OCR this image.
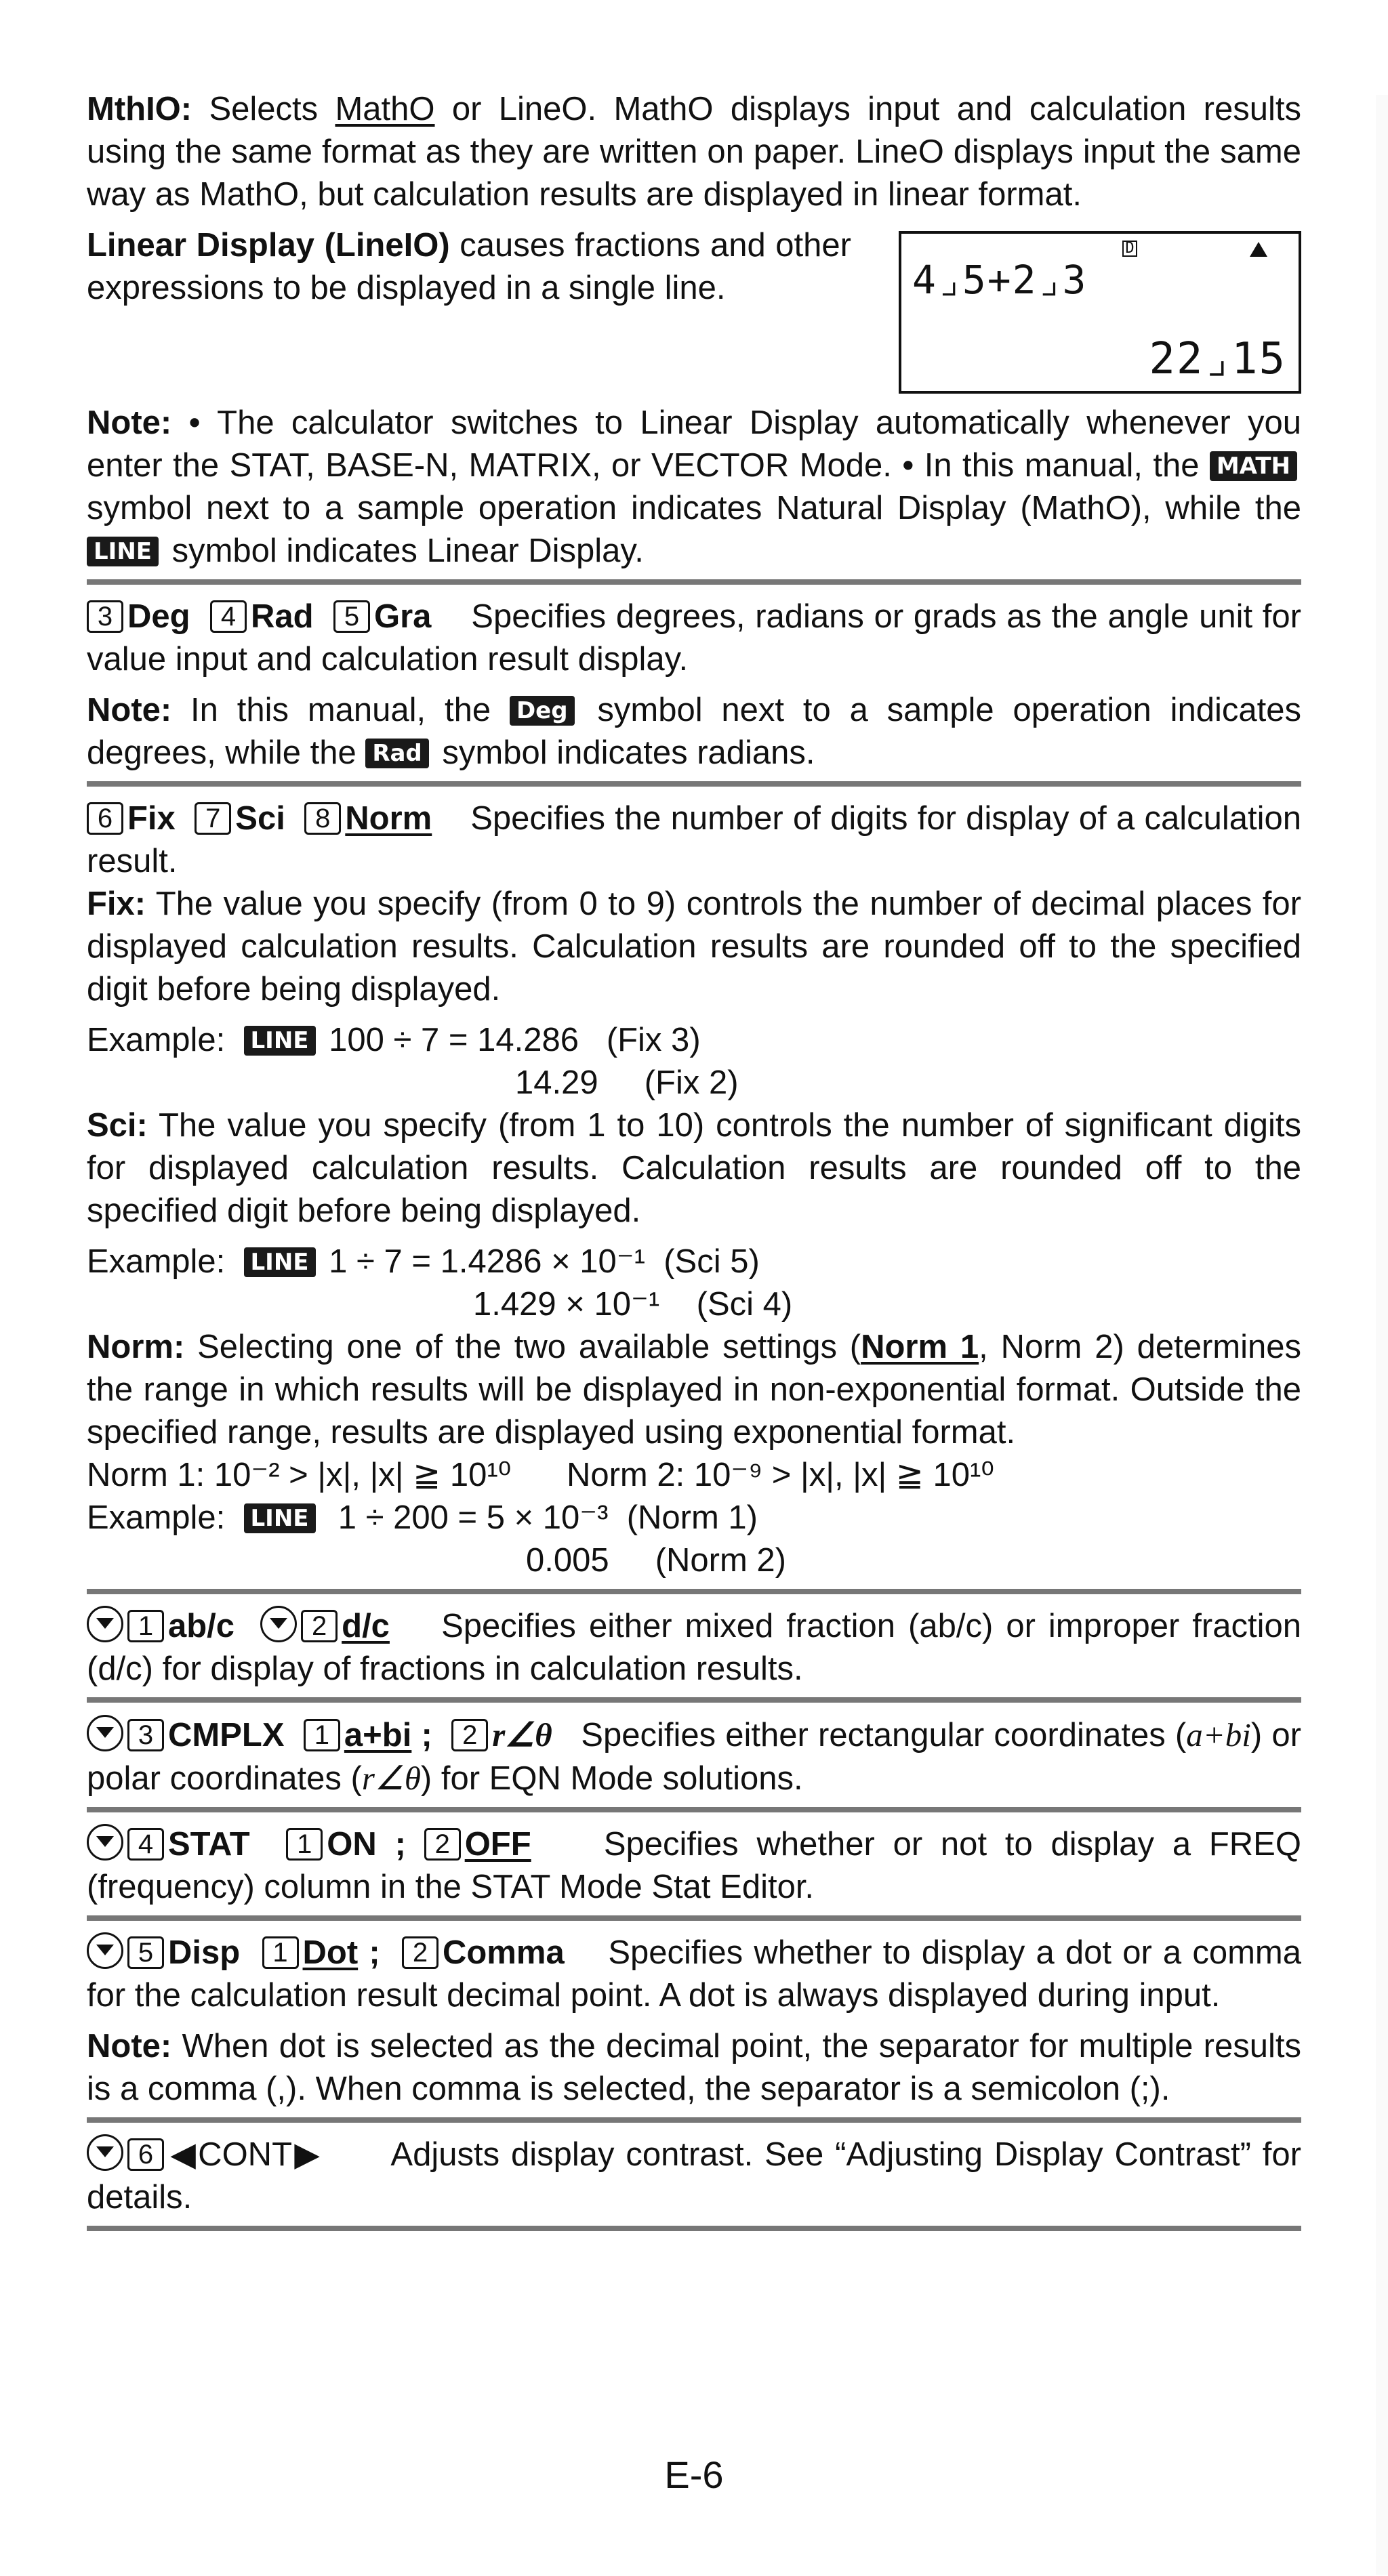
MthIO: Selects MathO or LineO. MathO displays input and calculation results using the same format as they are written on paper. LineO displays input the same way as MathO, but calculation results are displayed in linear format.

Linear Display (LineIO) causes fractions and other expressions to be displayed in a single line.

D
4⌟5+2⌟3
22⌟15

Note: • The calculator switches to Linear Display automatically whenever you enter the STAT, BASE-N, MATRIX, or VECTOR Mode. • In this manual, the MATH symbol next to a sample operation indicates Natural Display (MathO), while the LINE symbol indicates Linear Display.

3 Deg 4 Rad 5 Gra Specifies degrees, radians or grads as the angle unit for value input and calculation result display.

Note: In this manual, the Deg symbol next to a sample operation indicates degrees, while the Rad symbol indicates radians.

6 Fix 7 Sci 8 Norm Specifies the number of digits for display of a calculation result.

Fix: The value you specify (from 0 to 9) controls the number of decimal places for displayed calculation results. Calculation results are rounded off to the specified digit before being displayed.

Example: LINE 100 ÷ 7 = 14.286 (Fix 3)
14.29 (Fix 2)

Sci: The value you specify (from 1 to 10) controls the number of significant digits for displayed calculation results. Calculation results are rounded off to the specified digit before being displayed.

Example: LINE 1 ÷ 7 = 1.4286 × 10⁻¹ (Sci 5)
1.429 × 10⁻¹ (Sci 4)

Norm: Selecting one of the two available settings (Norm 1, Norm 2) determines the range in which results will be displayed in non-exponential format. Outside the specified range, results are displayed using exponential format.

Norm 1: 10⁻² > |x|, |x| ≧ 10¹⁰ Norm 2: 10⁻⁹ > |x|, |x| ≧ 10¹⁰
Example: LINE 1 ÷ 200 = 5 × 10⁻³ (Norm 1)
0.005 (Norm 2)

1 ab/c	2 d/c Specifies either mixed fraction (ab/c) or improper fraction (d/c) for display of fractions in calculation results.

3 CMPLX 1 a+bi ; 2 r∠θ Specifies either rectangular coordinates (a+bi) or polar coordinates (r∠θ) for EQN Mode solutions.

4 STAT 1 ON ; 2 OFF Specifies whether or not to display a FREQ (frequency) column in the STAT Mode Stat Editor.

5 Disp 1 Dot ; 2 Comma Specifies whether to display a dot or a comma for the calculation result decimal point. A dot is always displayed during input.

Note: When dot is selected as the decimal point, the separator for multiple results is a comma (,). When comma is selected, the separator is a semicolon (;).

6 ◀CONT▶ Adjusts display contrast. See “Adjusting Display Contrast” for details.

E-6
